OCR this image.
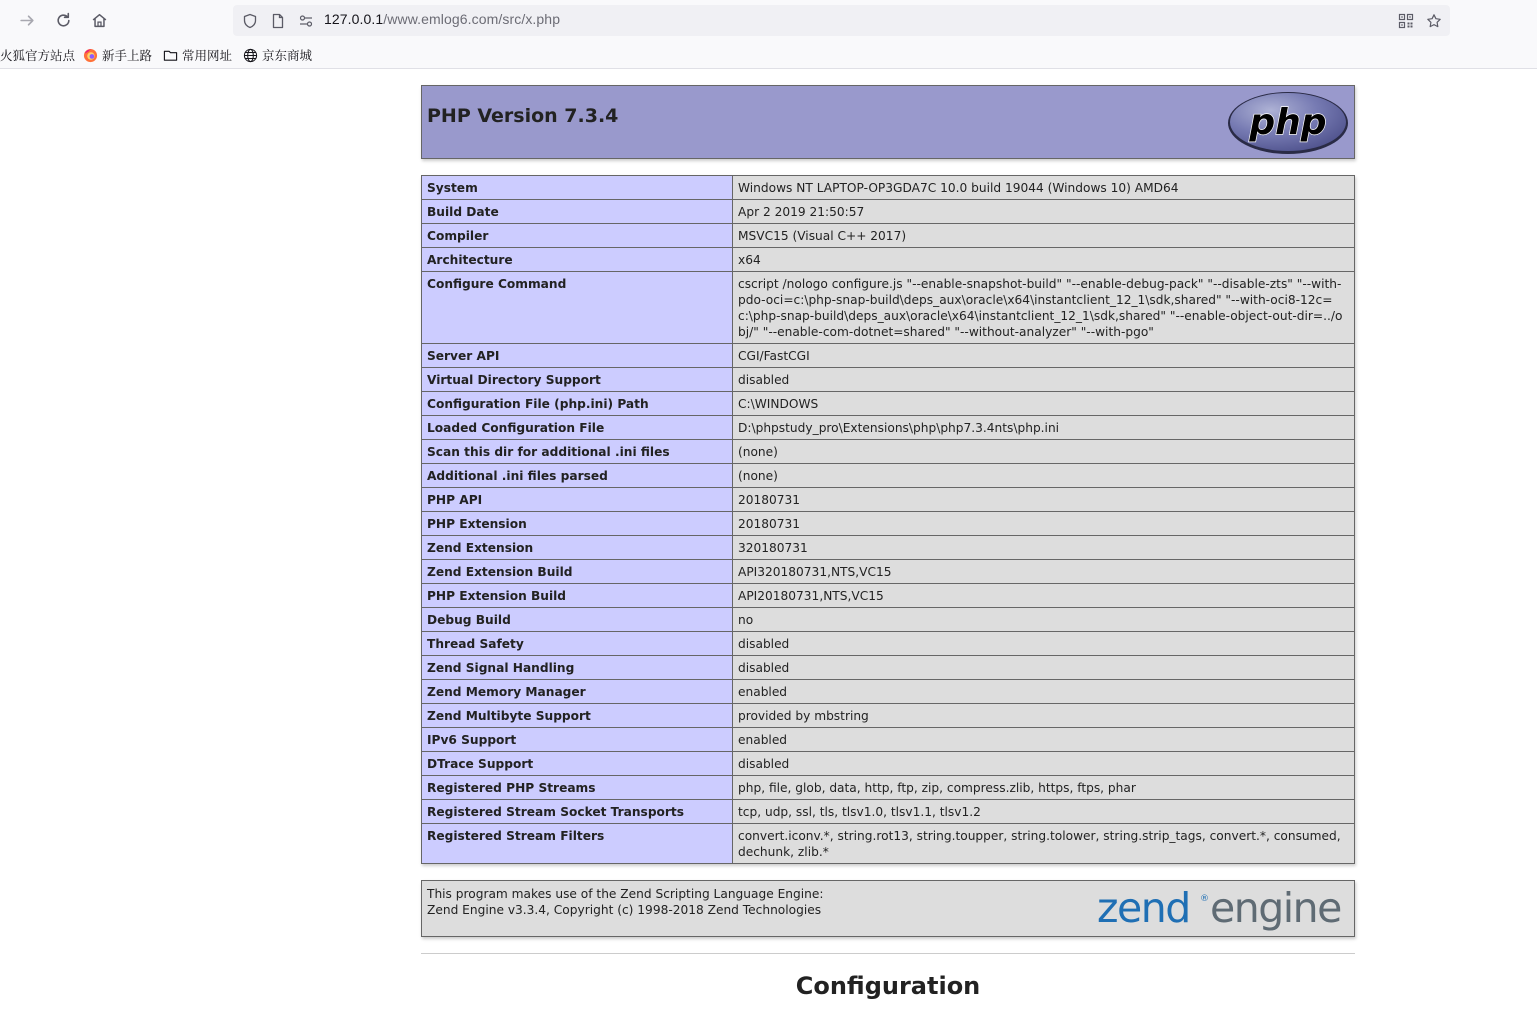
127.0.0.1/www.emlog6.com/src/x.php
火狐官方站点 新手上路 常用网址 京东商城
PHP Version 7.3.4	php
System	Windows NT LAPTOP-OP3GDA7C 10.0 build 19044 (Windows 10) AMD64
Build Date	Apr 2 2019 21:50:57
Compiler	MSVC15 (Visual C++ 2017)
Architecture	x64
Configure Command	cscript /nologo configure.js "--enable-snapshot-build" "--enable-debug-pack" "--disable-zts" "--with-pdo-oci=c:\php-snap-build\deps_aux\oracle\x64\instantclient_12_1\sdk,shared" "--with-oci8-12c=c:\php-snap-build\deps_aux\oracle\x64\instantclient_12_1\sdk,shared" "--enable-object-out-dir=../obj/" "--enable-com-dotnet=shared" "--without-analyzer" "--with-pgo"
Server API	CGI/FastCGI
Virtual Directory Support	disabled
Configuration File (php.ini) Path	C:\WINDOWS
Loaded Configuration File	D:\phpstudy_pro\Extensions\php\php7.3.4nts\php.ini
Scan this dir for additional .ini files	(none)
Additional .ini files parsed	(none)
PHP API	20180731
PHP Extension	20180731
Zend Extension	320180731
Zend Extension Build	API320180731,NTS,VC15
PHP Extension Build	API20180731,NTS,VC15
Debug Build	no
Thread Safety	disabled
Zend Signal Handling	disabled
Zend Memory Manager	enabled
Zend Multibyte Support	provided by mbstring
IPv6 Support	enabled
DTrace Support	disabled
Registered PHP Streams	php, file, glob, data, http, ftp, zip, compress.zlib, https, ftps, phar
Registered Stream Socket Transports	tcp, udp, ssl, tls, tlsv1.0, tlsv1.1, tlsv1.2
Registered Stream Filters	convert.iconv.*, string.rot13, string.toupper, string.tolower, string.strip_tags, convert.*, consumed, dechunk, zlib.*

This program makes use of the Zend Scripting Language Engine:
Zend Engine v3.3.4, Copyright (c) 1998-2018 Zend Technologies	zend ® engine
Configuration
